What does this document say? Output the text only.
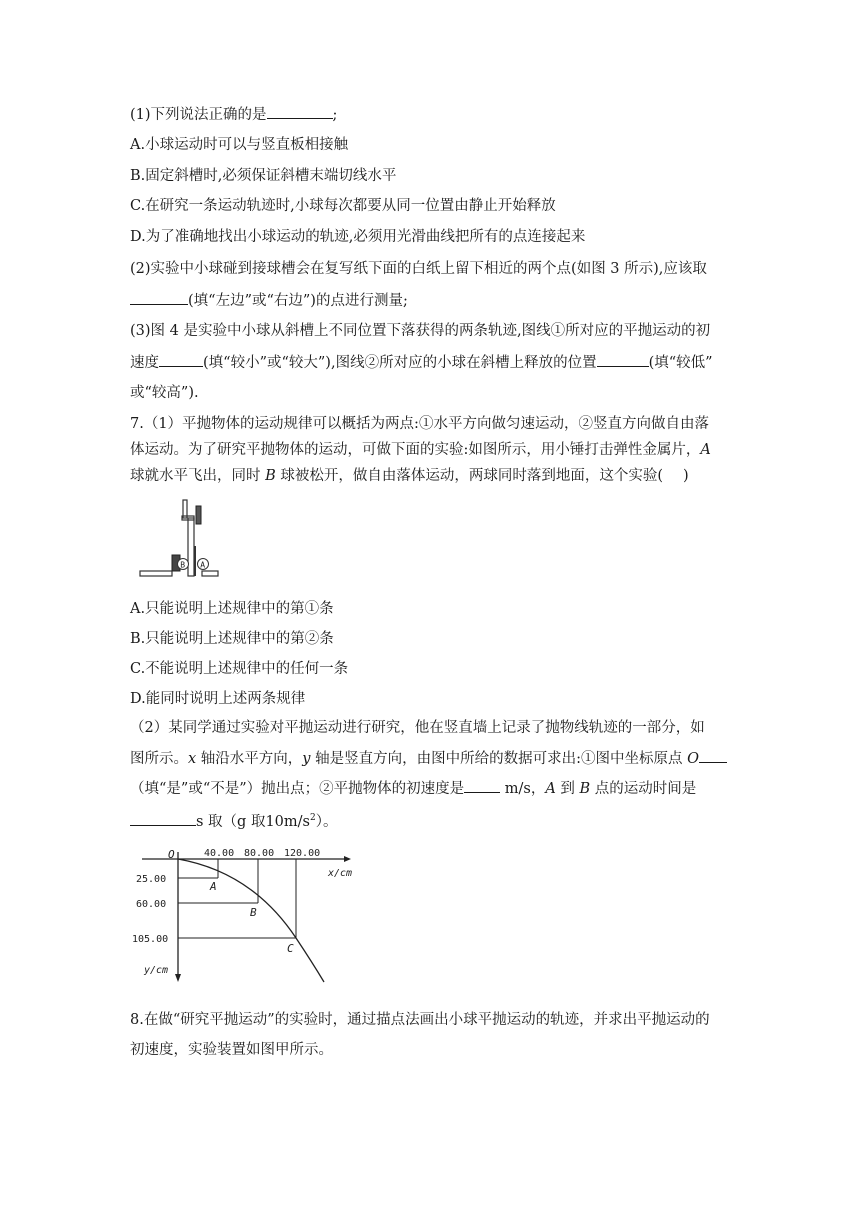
(1)下列说法正确的是	;
A.小球运动时可以与竖直板相接触
B.固定斜槽时,必须保证斜槽末端切线水平
C.在研究一条运动轨迹时,小球每次都要从同一位置由静止开始释放
D.为了准确地找出小球运动的轨迹,必须用光滑曲线把所有的点连接起来
(2)实验中小球碰到接球槽会在复写纸下面的白纸上留下相近的两个点(如图 3 所示),应该取
(填“左边”或“右边”)的点进行测量;
(3)图 4 是实验中小球从斜槽上不同位置下落获得的两条轨迹,图线①所对应的平抛运动的初
速度	(填“较小”或“较大”),图线②所对应的小球在斜槽上释放的位置	(填“较低”
或“较高”).
7.（1）平抛物体的运动规律可以概括为两点:①水平方向做匀速运动，②竖直方向做自由落
体运动。为了研究平抛物体的运动，可做下面的实验:如图所示，用小锤打击弹性金属片，A
球就水平飞出，同时 B 球被松开，做自由落体运动，两球同时落到地面，这个实验( )
B A
A.只能说明上述规律中的第①条
B.只能说明上述规律中的第②条
C.不能说明上述规律中的任何一条
D.能同时说明上述两条规律
（2）某同学通过实验对平抛运动进行研究，他在竖直墙上记录了抛物线轨迹的一部分，如
图所示。x 轴沿水平方向，y 轴是竖直方向，由图中所给的数据可求出:①图中坐标原点 O
（填“是”或“不是”）抛出点；②平抛物体的初速度是 m/s，A 到 B 点的运动时间是
s 取（g 取$10m/s^2$）。
O	40.00 80.00 120.00
x/cm
25.00
60.00
105.00
y/cm
A
B
C
8.在做“研究平抛运动”的实验时，通过描点法画出小球平抛运动的轨迹，并求出平抛运动的
初速度，实验装置如图甲所示。
